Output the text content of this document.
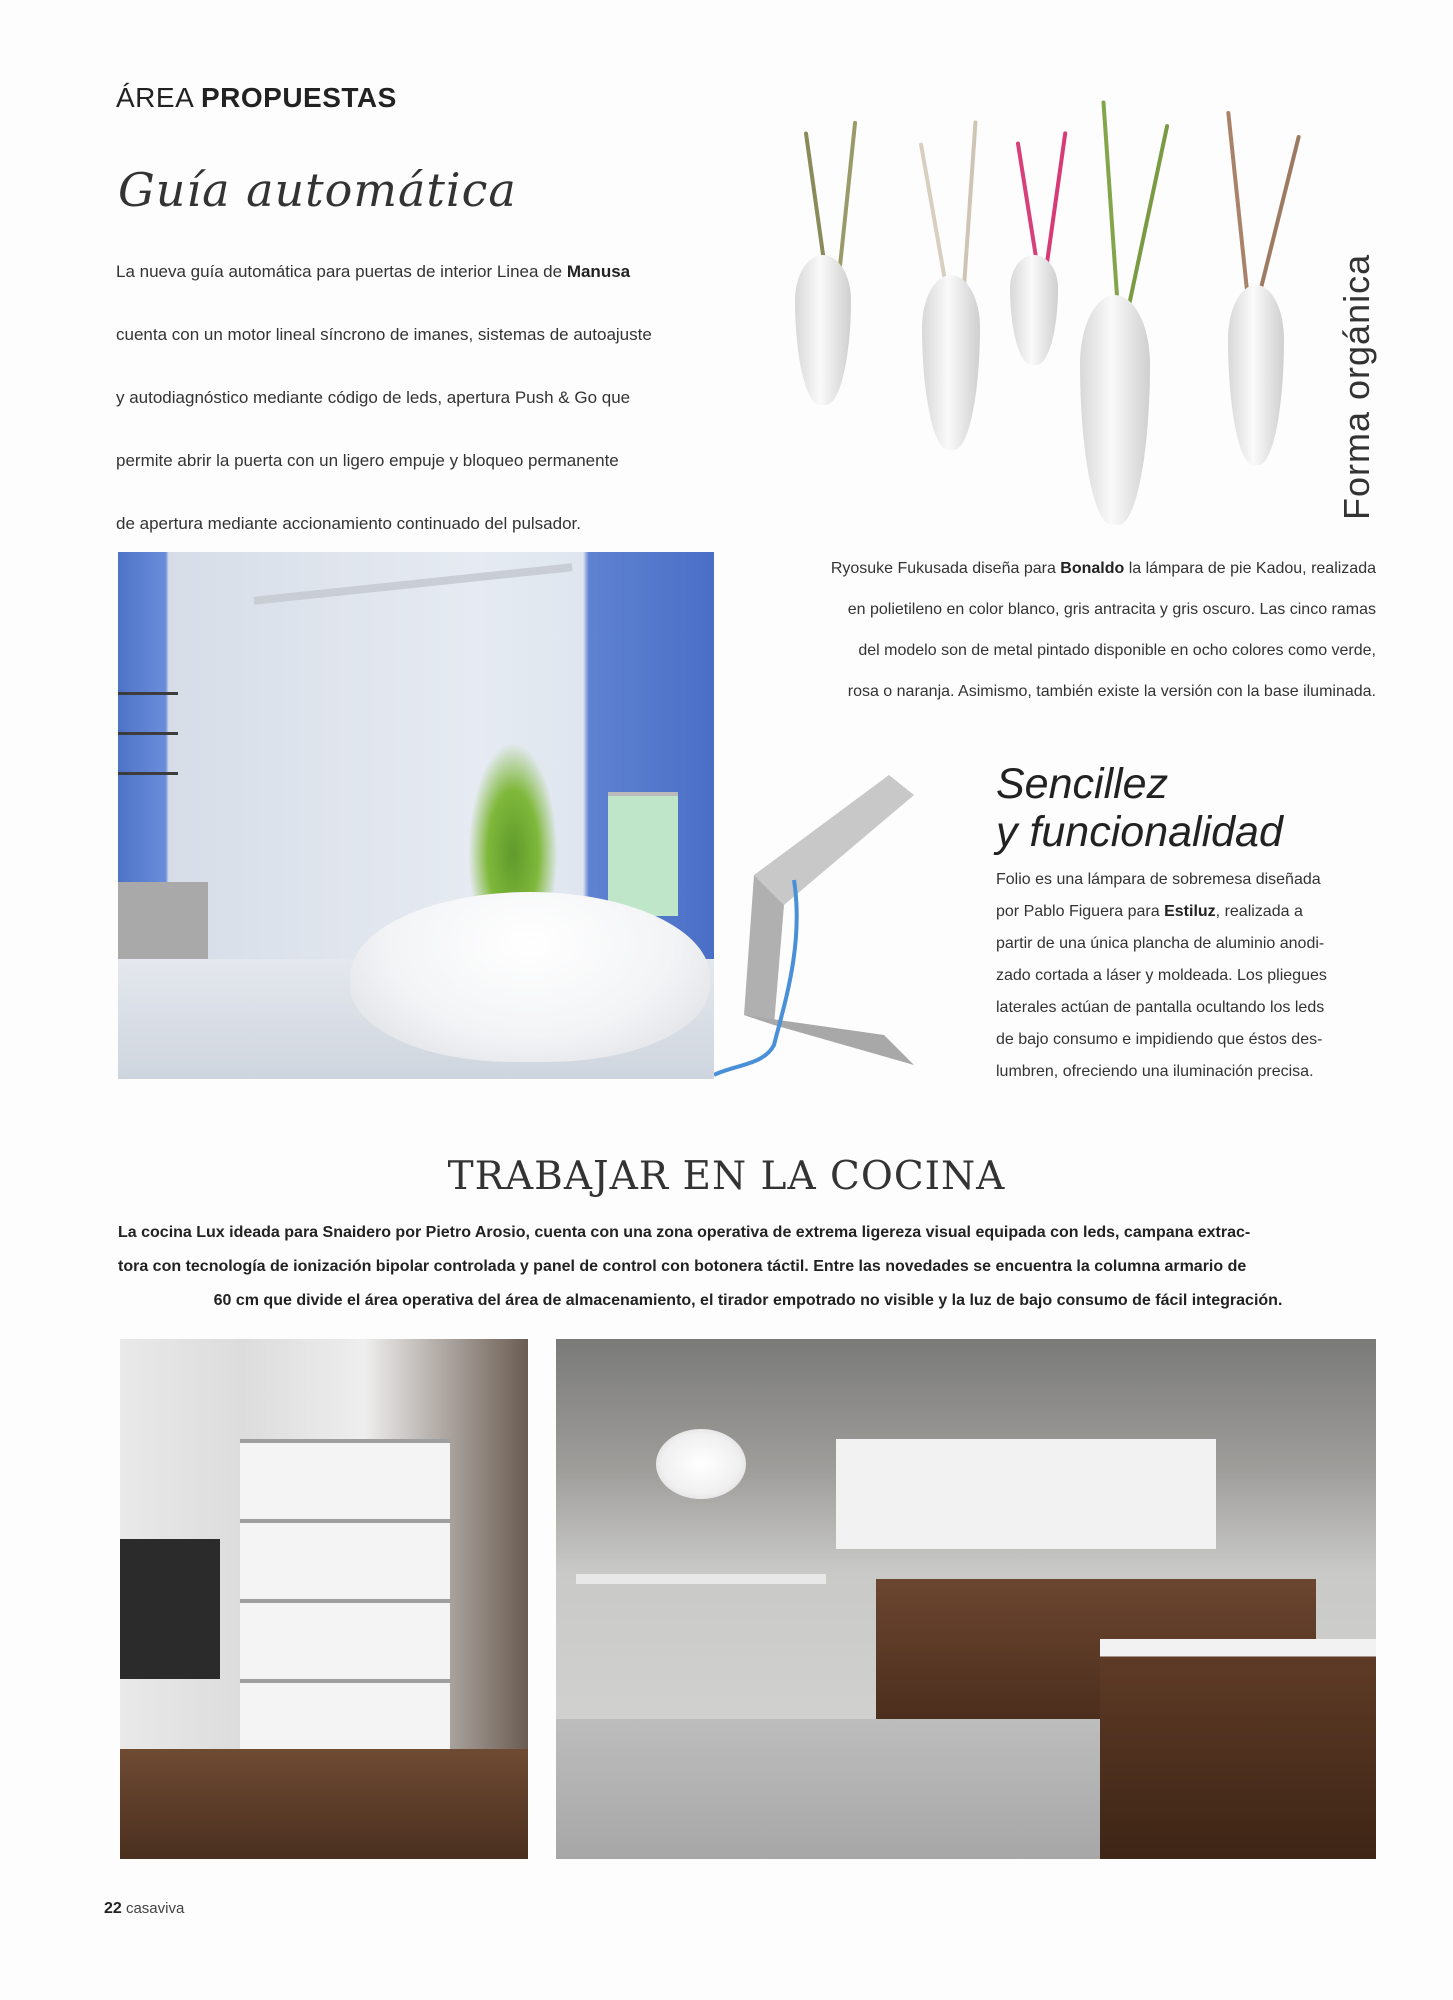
ÁREA PROPUESTAS
Guía automática

La nueva guía automática para puertas de interior Linea de Manusa

cuenta con un motor lineal síncrono de imanes, sistemas de autoajuste

y autodiagnóstico mediante código de leds, apertura Push & Go que

permite abrir la puerta con un ligero empuje y bloqueo permanente

de apertura mediante accionamiento continuado del pulsador.

Forma orgánica

Ryosuke Fukusada diseña para Bonaldo la lámpara de pie Kadou, realizada

en polietileno en color blanco, gris antracita y gris oscuro. Las cinco ramas

del modelo son de metal pintado disponible en ocho colores como verde,

rosa o naranja. Asimismo, también existe la versión con la base iluminada.

Sencillez
y funcionalidad

Folio es una lámpara de sobremesa diseñada

por Pablo Figuera para Estiluz, realizada a

partir de una única plancha de aluminio anodi-

zado cortada a láser y moldeada. Los pliegues

laterales actúan de pantalla ocultando los leds

de bajo consumo e impidiendo que éstos des-

lumbren, ofreciendo una iluminación precisa.

TRABAJAR EN LA COCINA

La cocina Lux ideada para Snaidero por Pietro Arosio, cuenta con una zona operativa de extrema ligereza visual equipada con leds, campana extrac-

tora con tecnología de ionización bipolar controlada y panel de control con botonera táctil. Entre las novedades se encuentra la columna armario de

60 cm que divide el área operativa del área de almacenamiento, el tirador empotrado no visible y la luz de bajo consumo de fácil integración.

22 casaviva
